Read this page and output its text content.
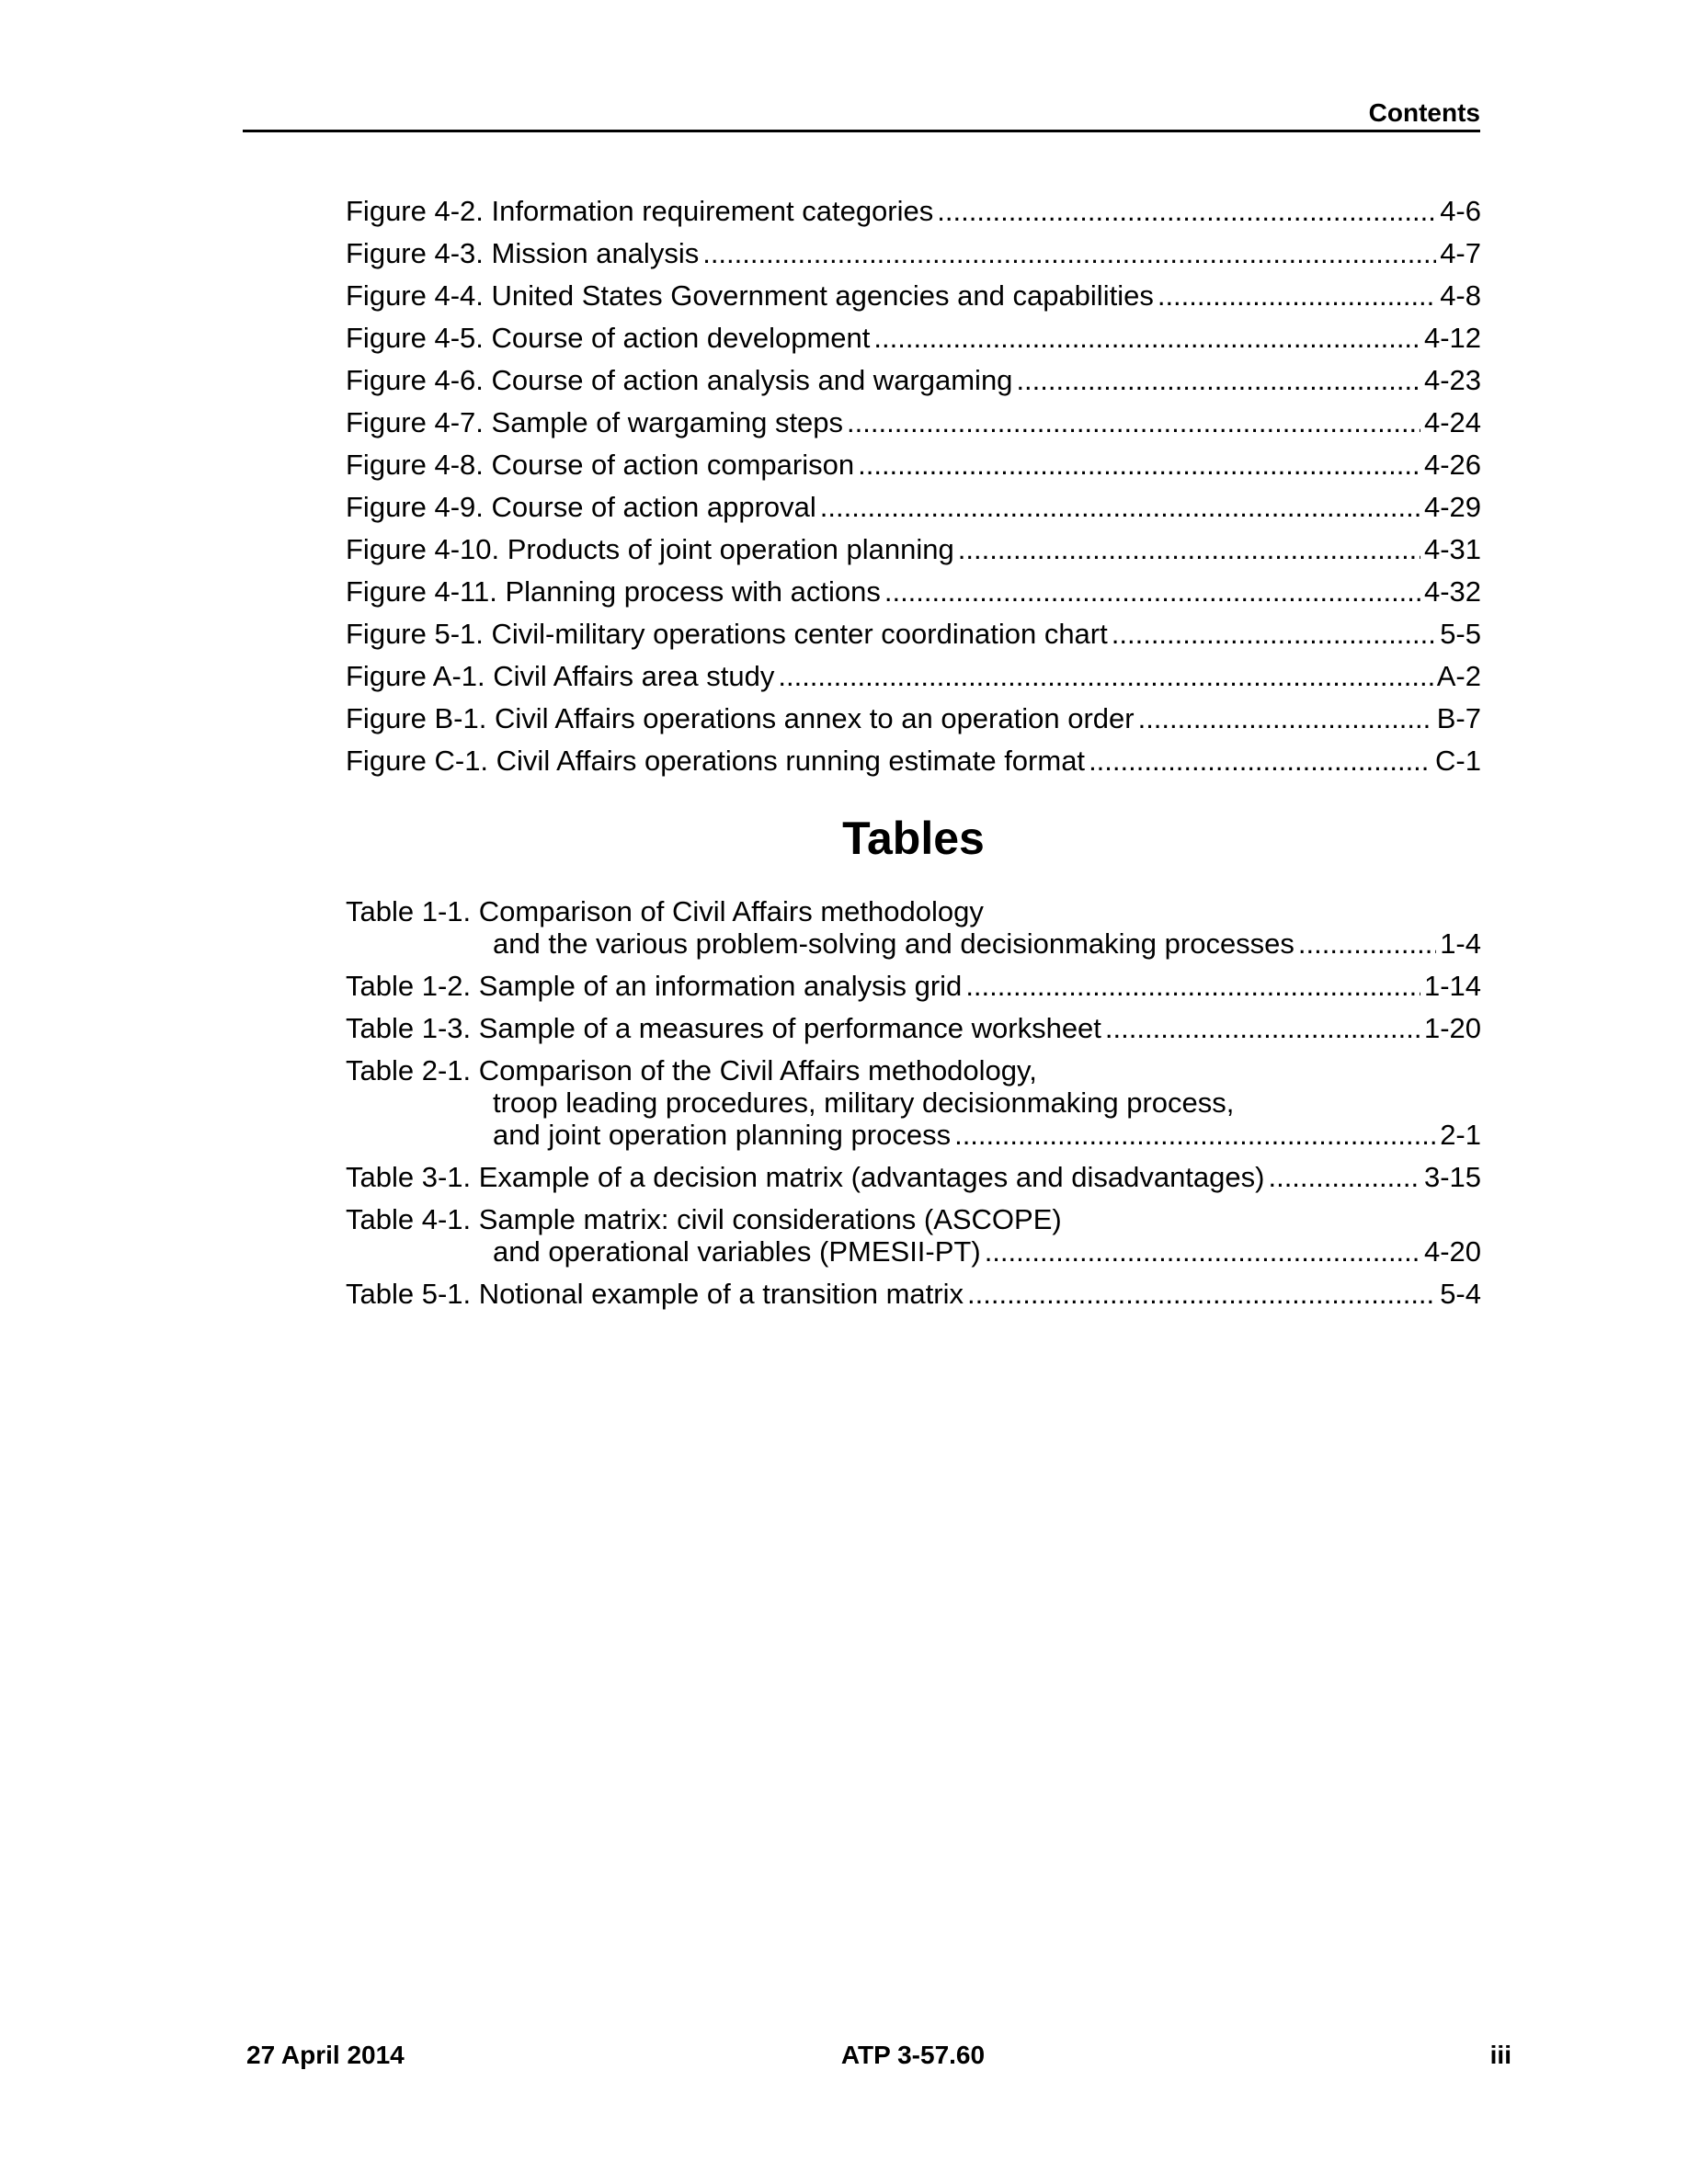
Contents
Figure 4-2. Information requirement categories .....	4-6
Figure 4-3. Mission analysis .....	4-7
Figure 4-4. United States Government agencies and capabilities .....	4-8
Figure 4-5. Course of action development .....	4-12
Figure 4-6. Course of action analysis and wargaming .....	4-23
Figure 4-7. Sample of wargaming steps .....	4-24
Figure 4-8. Course of action comparison .....	4-26
Figure 4-9. Course of action approval .....	4-29
Figure 4-10. Products of joint operation planning .....	4-31
Figure 4-11. Planning process with actions .....	4-32
Figure 5-1. Civil-military operations center coordination chart .....	5-5
Figure A-1. Civil Affairs area study .....	A-2
Figure B-1. Civil Affairs operations annex to an operation order .....	B-7
Figure C-1. Civil Affairs operations running estimate format .....	C-1
Tables
Table 1-1. Comparison of Civil Affairs methodology
and the various problem-solving and decisionmaking processes .....	1-4
Table 1-2. Sample of an information analysis grid .....	1-14
Table 1-3. Sample of a measures of performance worksheet .....	1-20
Table 2-1. Comparison of the Civil Affairs methodology,
troop leading procedures, military decisionmaking process,
and joint operation planning process .....	2-1
Table 3-1. Example of a decision matrix (advantages and disadvantages) .....	3-15
Table 4-1. Sample matrix: civil considerations (ASCOPE)
and operational variables (PMESII-PT) .....	4-20
Table 5-1. Notional example of a transition matrix .....	5-4
27 April 2014	ATP 3-57.60	iii
